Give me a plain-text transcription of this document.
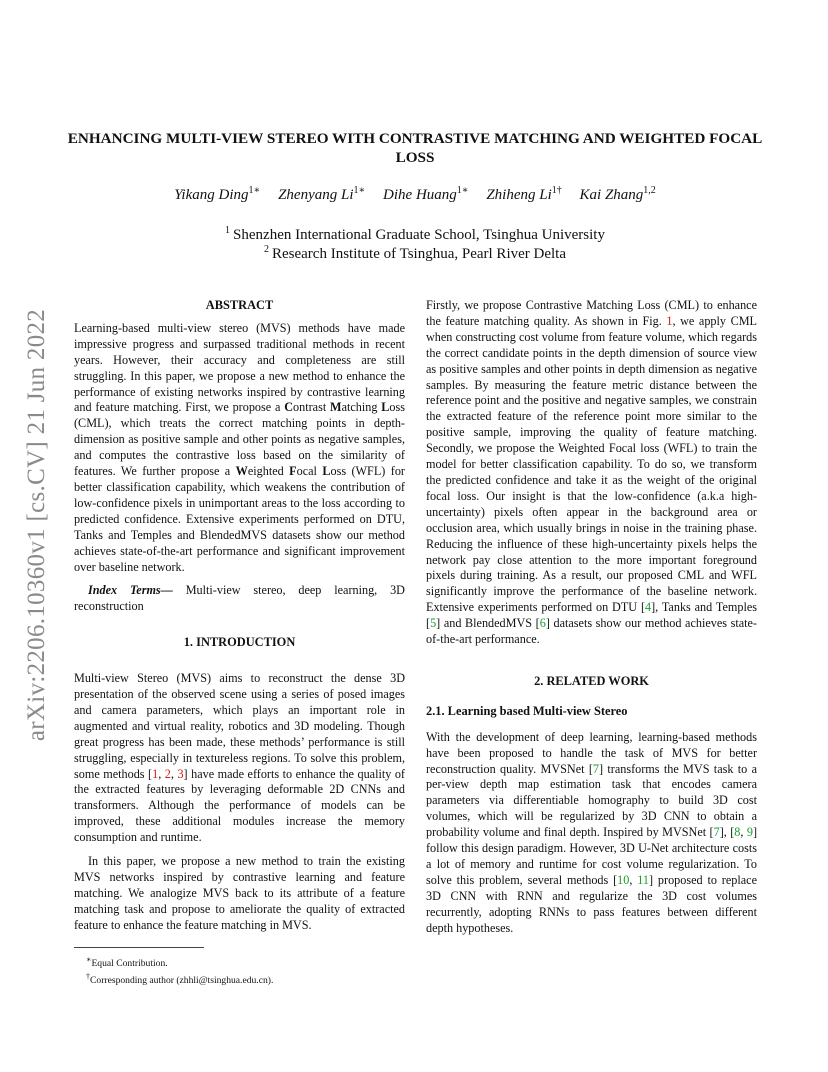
arXiv:2206.10360v1 [cs.CV] 21 Jun 2022
ENHANCING MULTI-VIEW STEREO WITH CONTRASTIVE MATCHING AND WEIGHTED FOCAL LOSS
Yikang Ding$^{1∗}$ Zhenyang $Li^{1∗}$ Dihe Huang$^{1∗}$ Zhiheng $Li^{1\dagger}$ Kai Zhang$^{1,2}$
$^1$ Shenzhen International Graduate School, Tsinghua University
$^2$ Research Institute of Tsinghua, Pearl River Delta
ABSTRACT

Learning-based multi-view stereo (MVS) methods have made impressive progress and surpassed traditional methods in recent years. However, their accuracy and completeness are still struggling. In this paper, we propose a new method to enhance the performance of existing networks inspired by contrastive learning and feature matching. First, we propose a Contrast Matching Loss (CML), which treats the correct matching points in depth-dimension as positive sample and other points as negative samples, and computes the contrastive loss based on the similarity of features. We further propose a Weighted Focal Loss (WFL) for better classification capability, which weakens the contribution of low-confidence pixels in unimportant areas to the loss according to predicted confidence. Extensive experiments performed on DTU, Tanks and Temples and BlendedMVS datasets show our method achieves state-of-the-art performance and significant improvement over baseline network.

Index Terms— Multi-view stereo, deep learning, 3D reconstruction

1. INTRODUCTION

Multi-view Stereo (MVS) aims to reconstruct the dense 3D presentation of the observed scene using a series of posed images and camera parameters, which plays an important role in augmented and virtual reality, robotics and 3D modeling. Though great progress has been made, these methods’ performance is still struggling, especially in textureless regions. To solve this problem, some methods [1, 2, 3] have made efforts to enhance the quality of the extracted features by leveraging deformable 2D CNNs and transformers. Although the performance of models can be improved, these additional modules increase the memory consumption and runtime.

In this paper, we propose a new method to train the existing MVS networks inspired by contrastive learning and feature matching. We analogize MVS back to its attribute of a feature matching task and propose to ameliorate the quality of extracted feature to enhance the feature matching in MVS.

Firstly, we propose Contrastive Matching Loss (CML) to enhance the feature matching quality. As shown in Fig. 1, we apply CML when constructing cost volume from feature volume, which regards the correct candidate points in the depth dimension of source view as positive samples and other points in depth dimension as negative samples. By measuring the feature metric distance between the reference point and the positive and negative samples, we constrain the extracted feature of the reference point more similar to the positive sample, improving the quality of feature matching. Secondly, we propose the Weighted Focal loss (WFL) to train the model for better classification capability. To do so, we transform the predicted confidence and take it as the weight of the original focal loss. Our insight is that the low-confidence (a.k.a high-uncertainty) pixels often appear in the background area or occlusion area, which usually brings in noise in the training phase. Reducing the influence of these high-uncertainty pixels helps the network pay close attention to the more important foreground pixels during training. As a result, our proposed CML and WFL significantly improve the performance of the baseline network. Extensive experiments performed on DTU [4], Tanks and Temples [5] and BlendedMVS [6] datasets show our method achieves state-of-the-art performance.

2. RELATED WORK
2.1. Learning based Multi-view Stereo

With the development of deep learning, learning-based methods have been proposed to handle the task of MVS for better reconstruction quality. MVSNet [7] transforms the MVS task to a per-view depth map estimation task that encodes camera parameters via differentiable homography to build 3D cost volumes, which will be regularized by 3D CNN to obtain a probability volume and final depth. Inspired by MVSNet [7], [8, 9] follow this design paradigm. However, 3D U-Net architecture costs a lot of memory and runtime for cost volume regularization. To solve this problem, several methods [10, 11] proposed to replace 3D CNN with RNN and regularize the 3D cost volumes recurrently, adopting RNNs to pass features between different depth hypotheses.

∗Equal Contribution.
†Corresponding author (zhhli@tsinghua.edu.cn).
